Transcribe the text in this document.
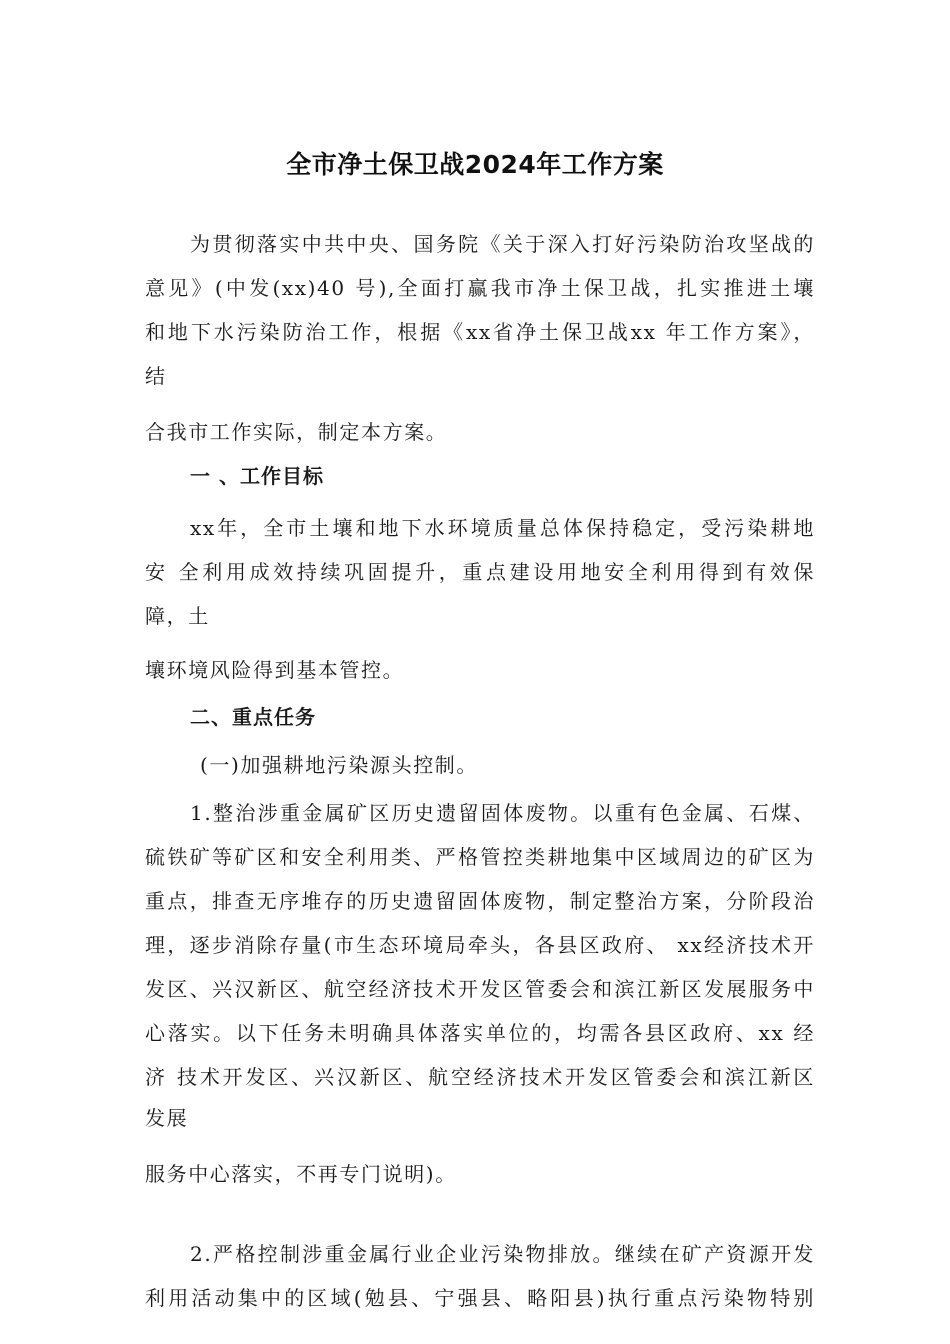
全市净土保卫战2024年工作方案
为贯彻落实中共中央、国务院《关于深入打好污染防治攻坚战的
意见》(中发(xx)40 号),全面打赢我市净土保卫战，扎实推进土壤
和地下水污染防治工作，根据《xx省净土保卫战xx 年工作方案》，
结
合我市工作实际，制定本方案。
一 、工作目标
xx年，全市土壤和地下水环境质量总体保持稳定，受污染耕地
安 全利用成效持续巩固提升，重点建设用地安全利用得到有效保
障，土
壤环境风险得到基本管控。
二、重点任务
(一)加强耕地污染源头控制。
1.整治涉重金属矿区历史遗留固体废物。以重有色金属、石煤、
硫铁矿等矿区和安全利用类、严格管控类耕地集中区域周边的矿区为
重点，排查无序堆存的历史遗留固体废物，制定整治方案，分阶段治
理，逐步消除存量(市生态环境局牵头，各县区政府、 xx经济技术开
发区、兴汉新区、航空经济技术开发区管委会和滨江新区发展服务中
心落实。以下任务未明确具体落实单位的，均需各县区政府、xx 经
济 技术开发区、兴汉新区、航空经济技术开发区管委会和滨江新区
发展
服务中心落实，不再专门说明)。
2.严格控制涉重金属行业企业污染物排放。继续在矿产资源开发
利用活动集中的区域(勉县、宁强县、略阳县)执行重点污染物特别
